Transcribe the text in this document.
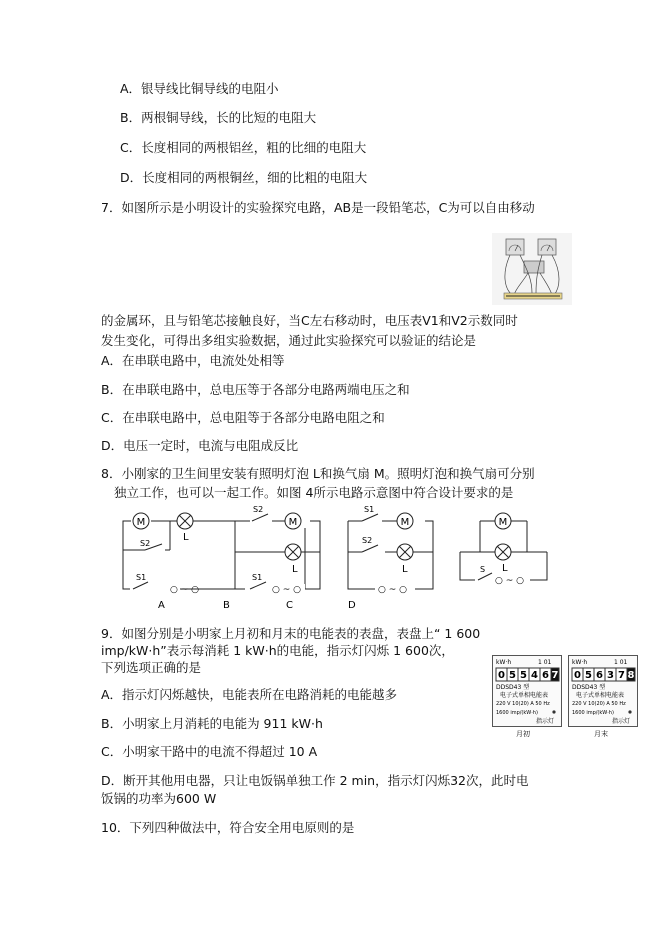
A．银导线比铜导线的电阻小
B．两根铜导线，长的比短的电阻大
C．长度相同的两根铝丝，粗的比细的电阻大
D．长度相同的两根铜丝，细的比粗的电阻大
7．如图所示是小明设计的实验探究电路，AB是一段铅笔芯，C为可以自由移动
的金属环，且与铅笔芯接触良好，当C左右移动时，电压表V1和V2示数同时
发生变化，可得出多组实验数据，通过此实验探究可以验证的结论是
A．在串联电路中，电流处处相等
B．在串联电路中，总电压等于各部分电路两端电压之和
C．在串联电路中，总电阻等于各部分电路电阻之和
D．电压一定时，电流与电阻成反比
8．小刚家的卫生间里安装有照明灯泡 L和换气扇 M。照明灯泡和换气扇可分别
独立工作，也可以一起工作。如图 4所示电路示意图中符合设计要求的是
M
L
S2
S1
○ ~ ○
A	B
S2
M
L
S1
○ ~ ○
C
S1
M
S2
L
○ ~ ○
D
M
L
S
○ ~ ○
9．如图分别是小明家上月初和月末的电能表的表盘，表盘上“ 1 600
imp/kW·h”表示每消耗 1 kW·h的电能，指示灯闪烁 1 600次，
下列选项正确的是
A．指示灯闪烁越快，电能表所在电路消耗的电能越多
B．小明家上月消耗的电能为 911 kW·h
C．小明家干路中的电流不得超过 10 A
D．断开其他用电器，只让电饭锅单独工作 2 min，指示灯闪烁32次，此时电
饭锅的功率为600 W
kW·h	1 01
0 5 5 4 6 7
DDSD43 型
电子式单相电能表
220 V 10(20) A 50 Hz
1600 imp/(kW·h)
指示灯
月初
kW·h	1 01
0 5 6 3 7 8
DDSD43 型
电子式单相电能表
220 V 10(20) A 50 Hz
1600 imp/(kW·h)
指示灯
月末
10．下列四种做法中，符合安全用电原则的是
